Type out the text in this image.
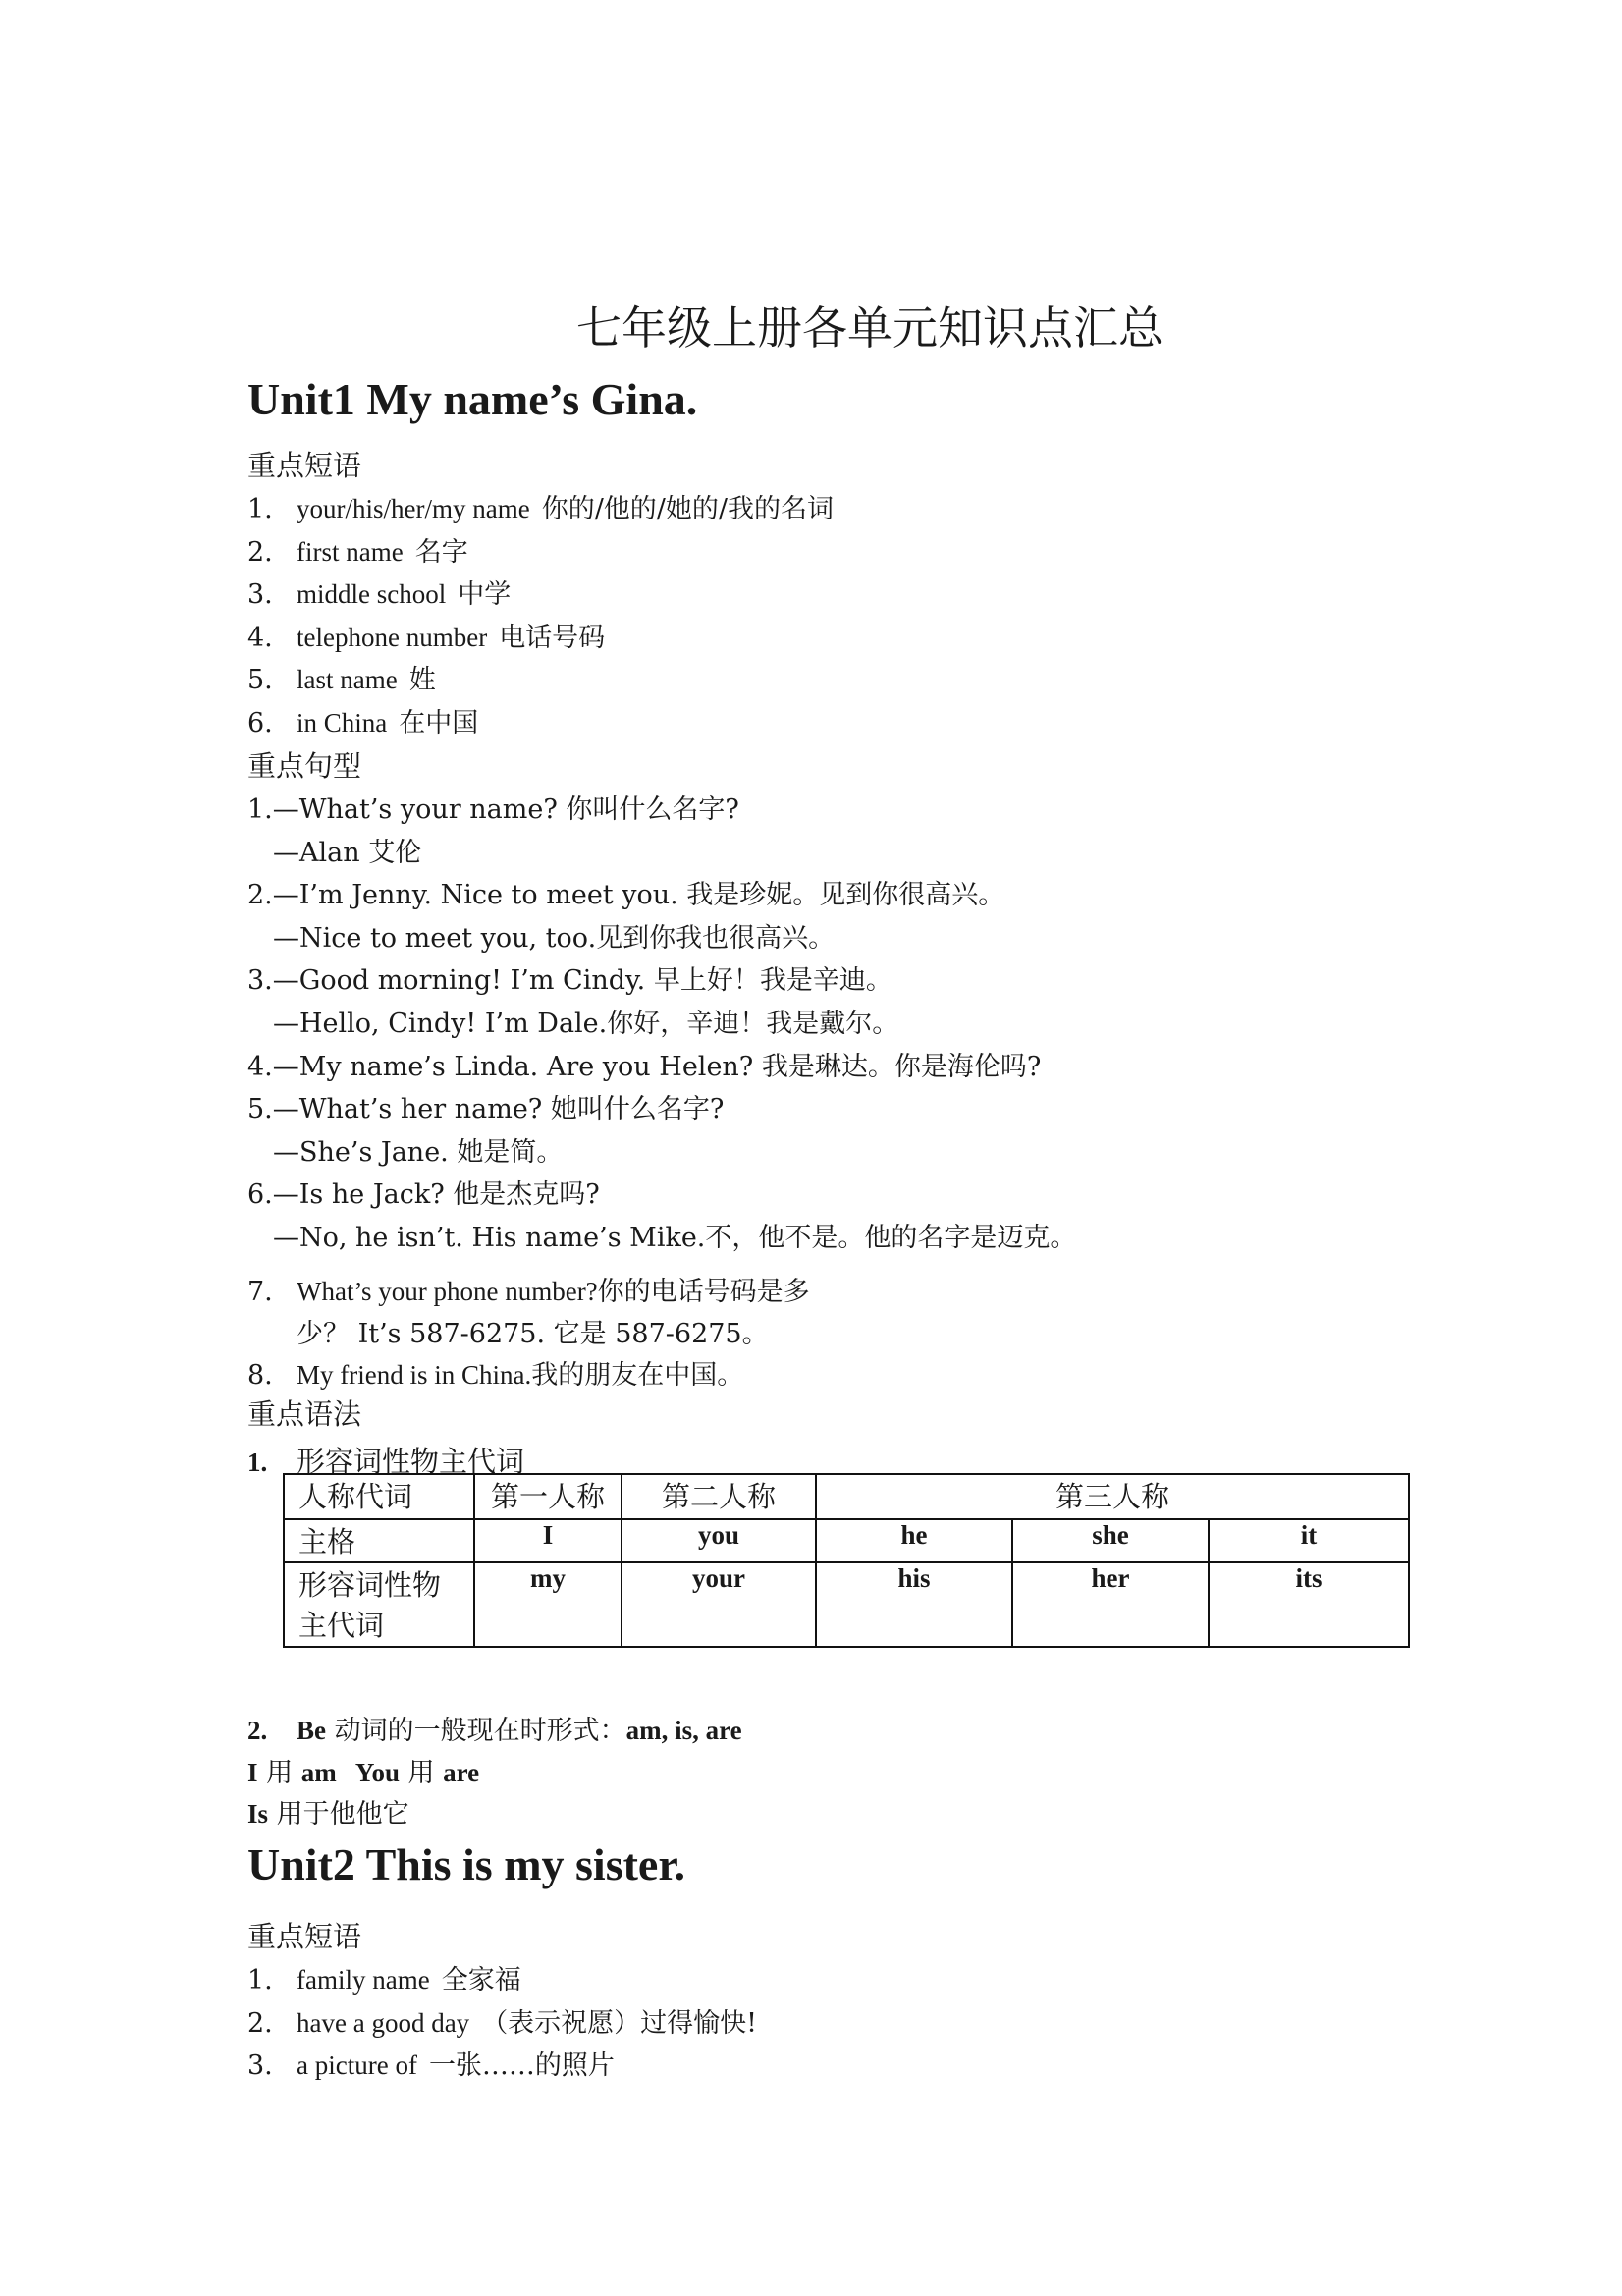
七年级上册各单元知识点汇总
Unit1 My name’s Gina.
重点短语
1. your/his/her/my name 你的/他的/她的/我的名词
2. first name 名字
3. middle school 中学
4. telephone number 电话号码
5. last name 姓
6. in China 在中国
重点句型
1.—What’s your name? 你叫什么名字?
—Alan 艾伦
2.—I’m Jenny. Nice to meet you. 我是珍妮。见到你很高兴。
—Nice to meet you, too.见到你我也很高兴。
3.—Good morning! I’m Cindy. 早上好！我是辛迪。
—Hello, Cindy! I’m Dale.你好，辛迪！我是戴尔。
4.—My name’s Linda. Are you Helen? 我是琳达。你是海伦吗?
5.—What’s her name? 她叫什么名字?
—She’s Jane. 她是简。
6.—Is he Jack? 他是杰克吗?
—No, he isn’t. His name’s Mike.不，他不是。他的名字是迈克。
7. What’s your phone number?你的电话号码是多
少？ It’s 587-6275. 它是 587-6275。
8. My friend is in China.我的朋友在中国。
重点语法
1. 形容词性物主代词
人称代词	第一人称	第二人称	第三人称		
主格	I	you	he	she	it

形容词性物
主代词	my	your	his	her	its
2. Be 动词的一般现在时形式：am, is, are
I 用 am   You 用 are
Is 用于他他它
Unit2 This is my sister.
重点短语
1. family name 全家福
2. have a good day （表示祝愿）过得愉快!
3. a picture of 一张……的照片
